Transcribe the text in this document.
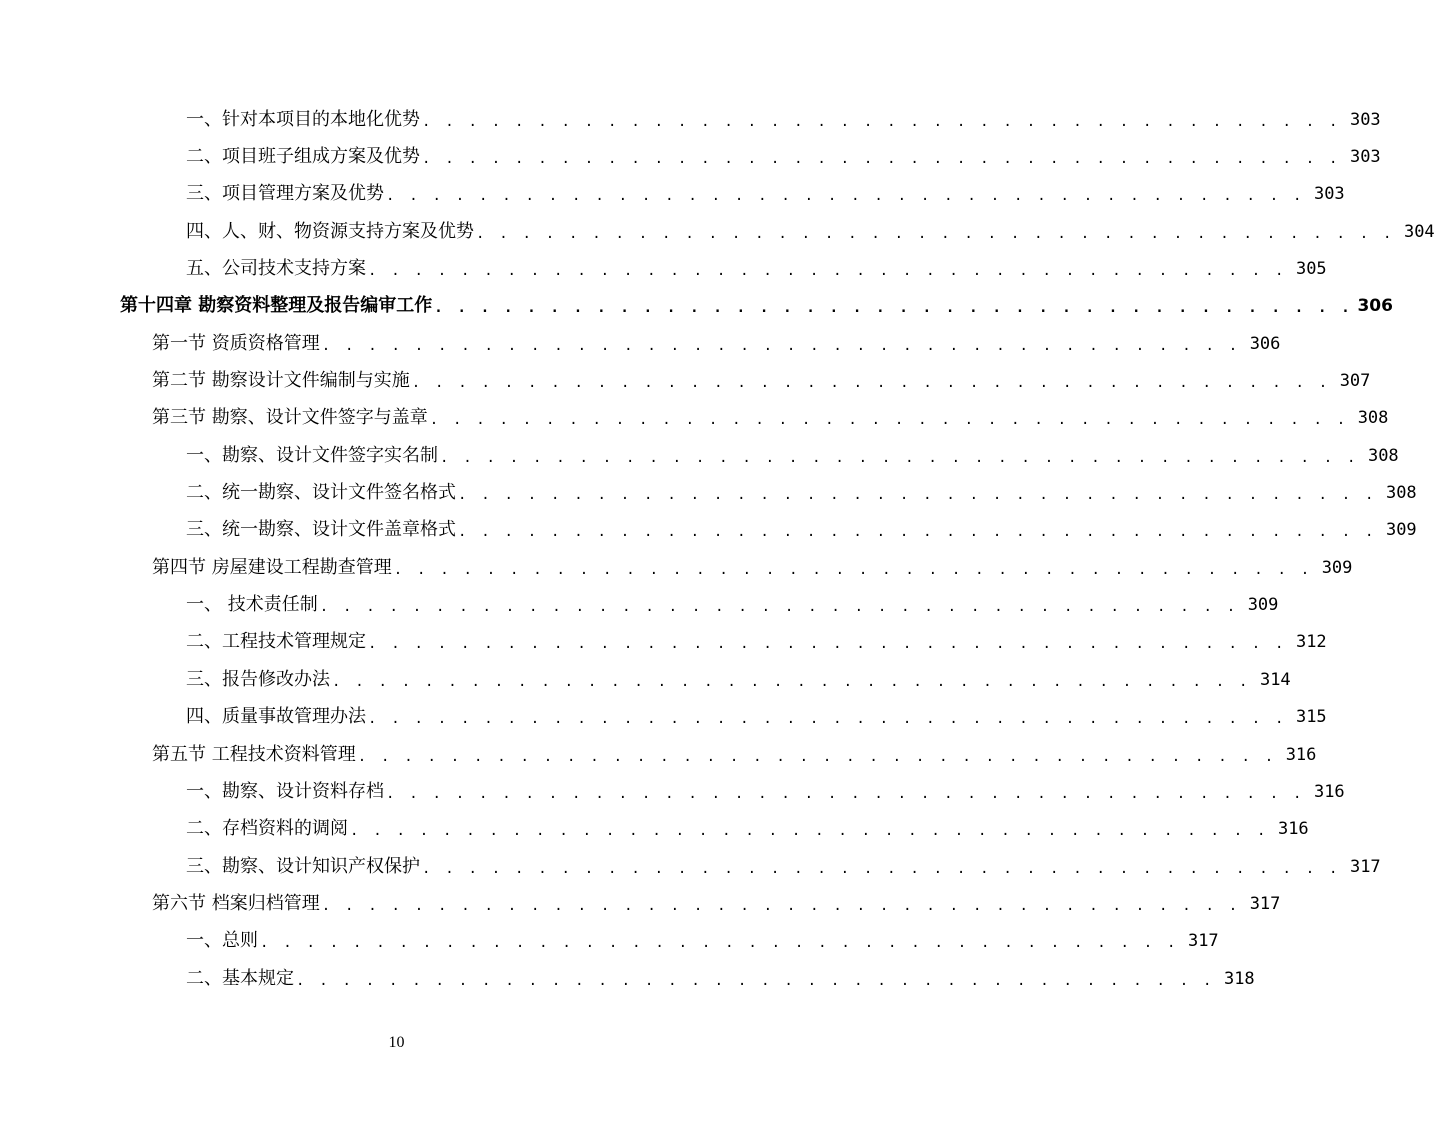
一、针对本项目的本地化优势 . . . . . . . . . . . . . . . . . . . . . . . . . . . . . . . . . . . . . . . . 303
二、项目班子组成方案及优势 . . . . . . . . . . . . . . . . . . . . . . . . . . . . . . . . . . . . . . . . 303
三、项目管理方案及优势 . . . . . . . . . . . . . . . . . . . . . . . . . . . . . . . . . . . . . . . . 303
四、人、财、物资源支持方案及优势 . . . . . . . . . . . . . . . . . . . . . . . . . . . . . . . . . . . . . . . . 304
五、公司技术支持方案 . . . . . . . . . . . . . . . . . . . . . . . . . . . . . . . . . . . . . . . . 305
第十四章 勘察资料整理及报告编审工作 . . . . . . . . . . . . . . . . . . . . . . . . . . . . . . . . . . . . . . . . 306
第一节 资质资格管理 . . . . . . . . . . . . . . . . . . . . . . . . . . . . . . . . . . . . . . . . 306
第二节 勘察设计文件编制与实施 . . . . . . . . . . . . . . . . . . . . . . . . . . . . . . . . . . . . . . . . 307
第三节 勘察、设计文件签字与盖章 . . . . . . . . . . . . . . . . . . . . . . . . . . . . . . . . . . . . . . . . 308
一、勘察、设计文件签字实名制 . . . . . . . . . . . . . . . . . . . . . . . . . . . . . . . . . . . . . . . . 308
二、统一勘察、设计文件签名格式 . . . . . . . . . . . . . . . . . . . . . . . . . . . . . . . . . . . . . . . . 308
三、统一勘察、设计文件盖章格式 . . . . . . . . . . . . . . . . . . . . . . . . . . . . . . . . . . . . . . . . 309
第四节 房屋建设工程勘查管理 . . . . . . . . . . . . . . . . . . . . . . . . . . . . . . . . . . . . . . . . 309
一、 技术责任制 . . . . . . . . . . . . . . . . . . . . . . . . . . . . . . . . . . . . . . . . 309
二、工程技术管理规定 . . . . . . . . . . . . . . . . . . . . . . . . . . . . . . . . . . . . . . . . 312
三、报告修改办法 . . . . . . . . . . . . . . . . . . . . . . . . . . . . . . . . . . . . . . . . 314
四、质量事故管理办法 . . . . . . . . . . . . . . . . . . . . . . . . . . . . . . . . . . . . . . . . 315
第五节 工程技术资料管理 . . . . . . . . . . . . . . . . . . . . . . . . . . . . . . . . . . . . . . . . 316
一、勘察、设计资料存档 . . . . . . . . . . . . . . . . . . . . . . . . . . . . . . . . . . . . . . . . 316
二、存档资料的调阅 . . . . . . . . . . . . . . . . . . . . . . . . . . . . . . . . . . . . . . . . 316
三、勘察、设计知识产权保护 . . . . . . . . . . . . . . . . . . . . . . . . . . . . . . . . . . . . . . . . 317
第六节 档案归档管理 . . . . . . . . . . . . . . . . . . . . . . . . . . . . . . . . . . . . . . . . 317
一、总则 . . . . . . . . . . . . . . . . . . . . . . . . . . . . . . . . . . . . . . . . 317
二、基本规定 . . . . . . . . . . . . . . . . . . . . . . . . . . . . . . . . . . . . . . . . 318
10
